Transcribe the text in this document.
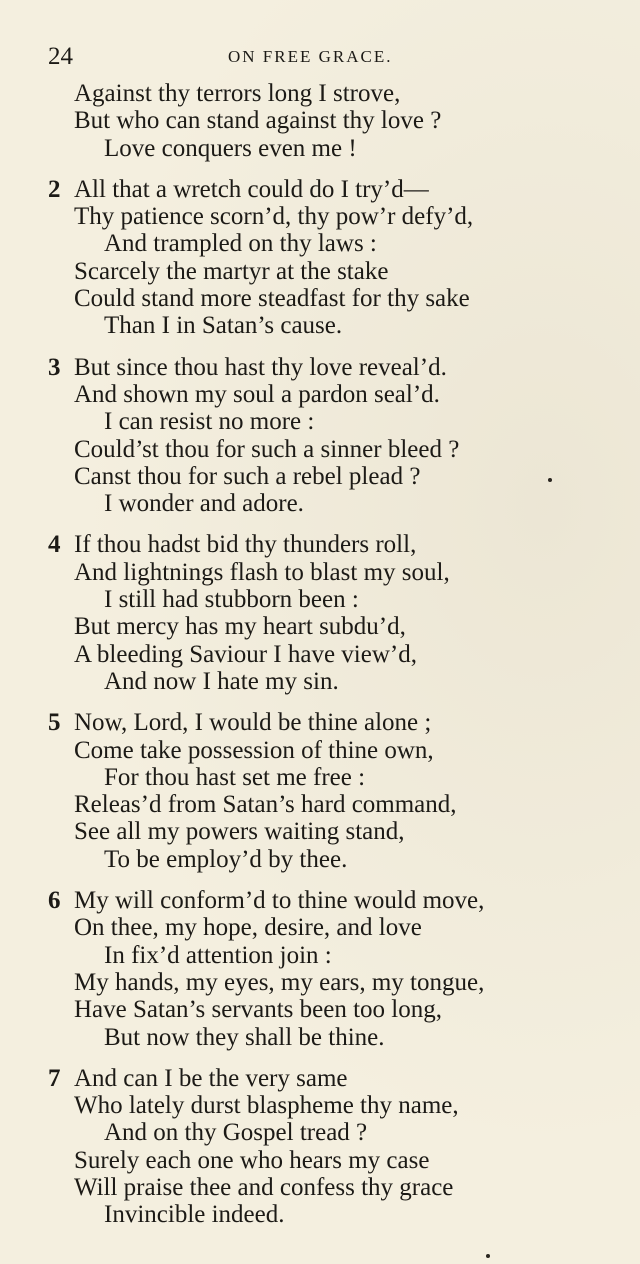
24	ON FREE GRACE.
Against thy terrors long I strove,
But who can stand against thy love ?
Love conquers even me !
2 All that a wretch could do I try’d—
Thy patience scorn’d, thy pow’r defy’d,
And trampled on thy laws :
Scarcely the martyr at the stake
Could stand more steadfast for thy sake
Than I in Satan’s cause.
3 But since thou hast thy love reveal’d.
And shown my soul a pardon seal’d.
I can resist no more :
Could’st thou for such a sinner bleed ?
Canst thou for such a rebel plead ?
I wonder and adore.
4 If thou hadst bid thy thunders roll,
And lightnings flash to blast my soul,
I still had stubborn been :
But mercy has my heart subdu’d,
A bleeding Saviour I have view’d,
And now I hate my sin.
5 Now, Lord, I would be thine alone ;
Come take possession of thine own,
For thou hast set me free :
Releas’d from Satan’s hard command,
See all my powers waiting stand,
To be employ’d by thee.
6 My will conform’d to thine would move,
On thee, my hope, desire, and love
In fix’d attention join :
My hands, my eyes, my ears, my tongue,
Have Satan’s servants been too long,
But now they shall be thine.
7 And can I be the very same
Who lately durst blaspheme thy name,
And on thy Gospel tread ?
Surely each one who hears my case
Will praise thee and confess thy grace
Invincible indeed.
